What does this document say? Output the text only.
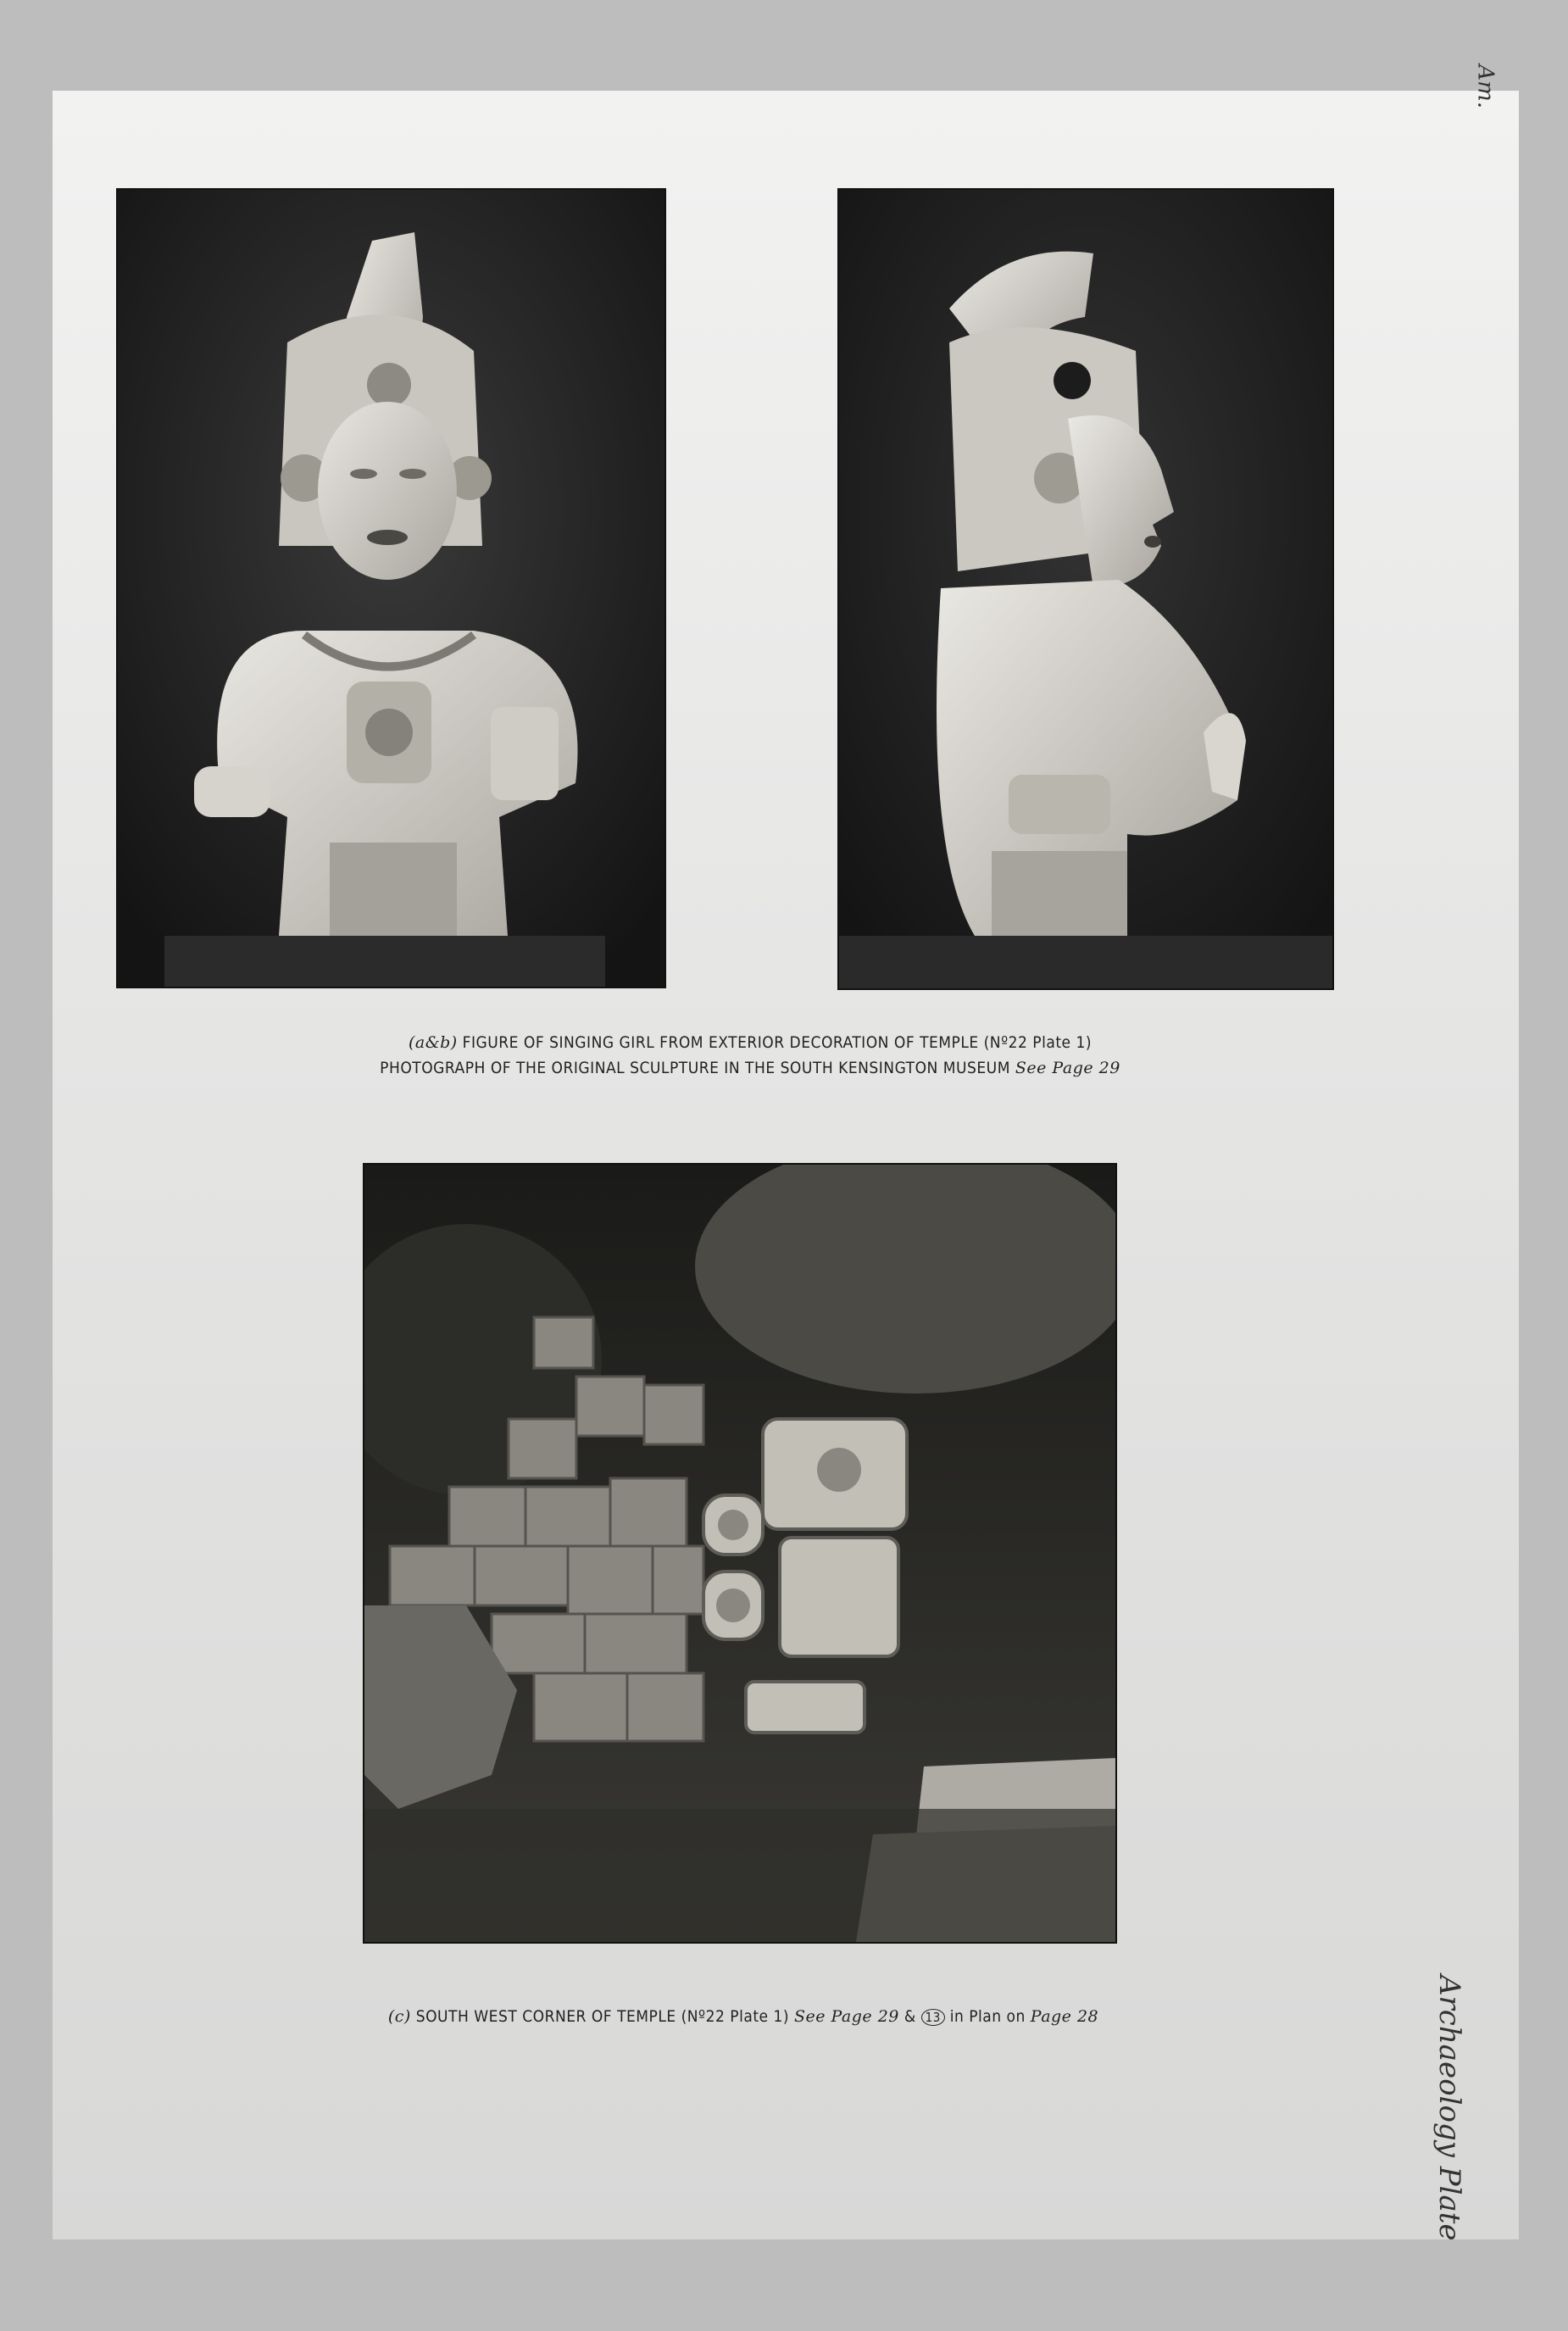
(a&b) FIGURE OF SINGING GIRL FROM EXTERIOR DECORATION OF TEMPLE (Nº22 Plate 1)
PHOTOGRAPH OF THE ORIGINAL SCULPTURE IN THE SOUTH KENSINGTON MUSEUM See Page 29
(c) SOUTH WEST CORNER OF TEMPLE (Nº22 Plate 1) See Page 29 & 13 in Plan on Page 28
Am.
Archaeology Plate
